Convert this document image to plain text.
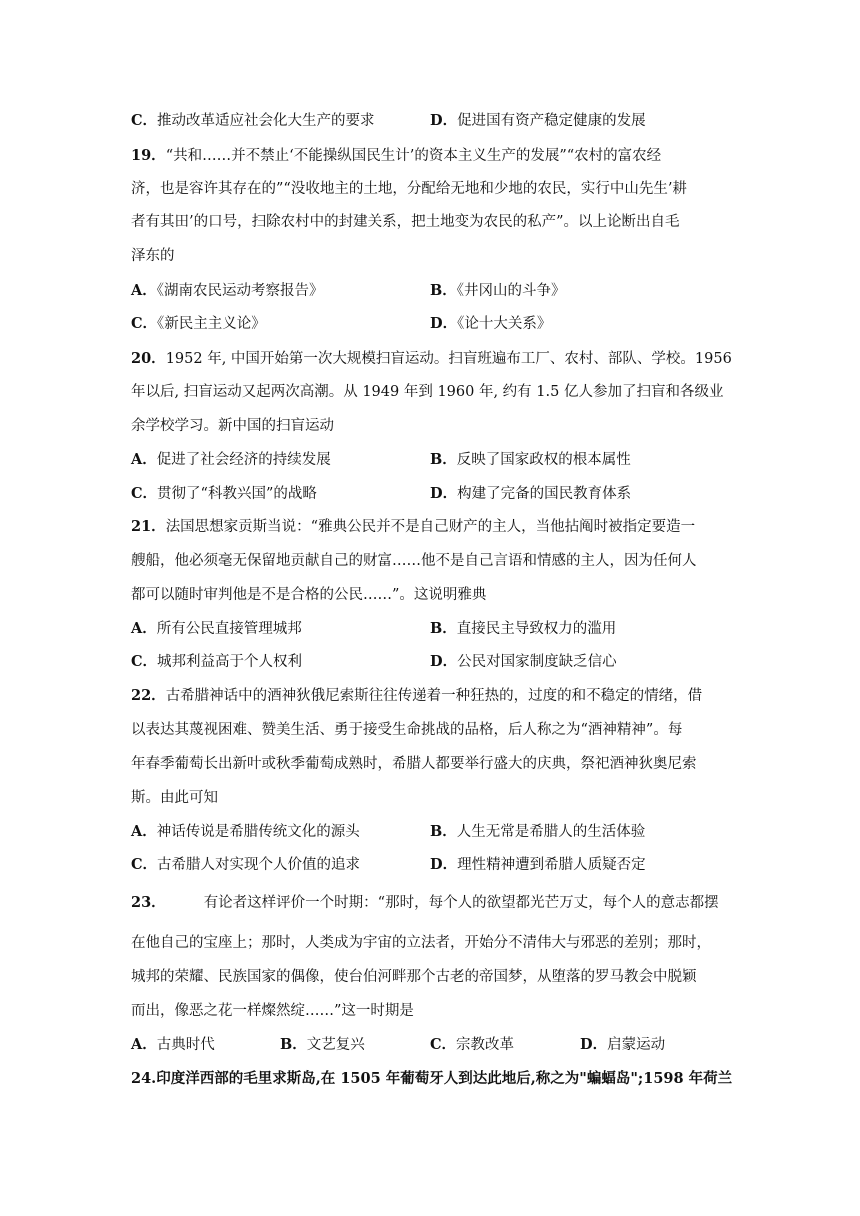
C．推动改革适应社会化大生产的要求	D．促进国有资产稳定健康的发展
19．“共和……并不禁止‘不能操纵国民生计’的资本主义生产的发展”“农村的富农经
济，也是容许其存在的”“没收地主的土地，分配给无地和少地的农民，实行中山先生’耕
者有其田’的口号，扫除农村中的封建关系，把土地变为农民的私产”。以上论断出自毛
泽东的
A．《湖南农民运动考察报告》	B．《井冈山的斗争》
C．《新民主主义论》	D．《论十大关系》
20．1952 年, 中国开始第一次大规模扫盲运动。扫盲班遍布工厂、农村、部队、学校。1956
年以后, 扫盲运动又起两次高潮。从 1949 年到 1960 年, 约有 1.5 亿人参加了扫盲和各级业
余学校学习。新中国的扫盲运动
A．促进了社会经济的持续发展	B．反映了国家政权的根本属性
C．贯彻了“科教兴国”的战略	D．构建了完备的国民教育体系
21．法国思想家贡斯当说：“雅典公民并不是自己财产的主人，当他拈阄时被指定要造一
艘船，他必须毫无保留地贡献自己的财富……他不是自己言语和情感的主人，因为任何人
都可以随时审判他是不是合格的公民……”。这说明雅典
A．所有公民直接管理城邦	B．直接民主导致权力的滥用
C．城邦利益高于个人权利	D．公民对国家制度缺乏信心
22．古希腊神话中的酒神狄俄尼索斯往往传递着一种狂热的，过度的和不稳定的情绪，借
以表达其蔑视困难、赞美生活、勇于接受生命挑战的品格，后人称之为“酒神精神”。每
年春季葡萄长出新叶或秋季葡萄成熟时，希腊人都要举行盛大的庆典，祭祀酒神狄奥尼索
斯。由此可知
A．神话传说是希腊传统文化的源头	B．人生无常是希腊人的生活体验
C．古希腊人对实现个人价值的追求	D．理性精神遭到希腊人质疑否定
23．	有论者这样评价一个时期：“那时，每个人的欲望都光芒万丈，每个人的意志都摆
在他自己的宝座上；那时，人类成为宇宙的立法者，开始分不清伟大与邪恶的差别；那时，
城邦的荣耀、民族国家的偶像，使台伯河畔那个古老的帝国梦，从堕落的罗马教会中脱颖
而出，像恶之花一样燦然绽……”这一时期是
A．古典时代	B．文艺复兴	C．宗教改革	D．启蒙运动
24.印度洋西部的毛里求斯岛,在 1505 年葡萄牙人到达此地后,称之为"蝙蝠岛";1598 年荷兰
